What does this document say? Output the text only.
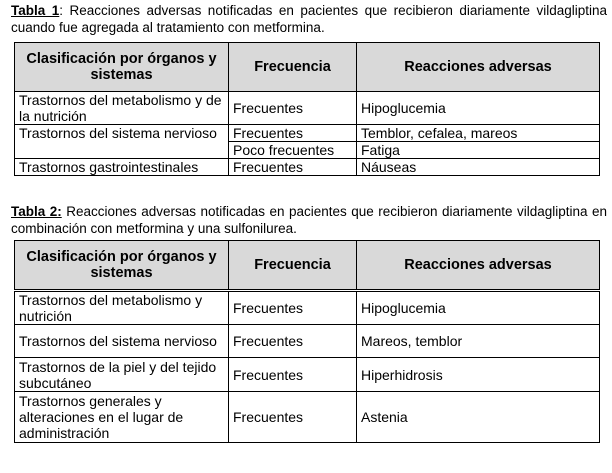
Tabla 1: Reacciones adversas notificadas en pacientes que recibieron diariamente vildagliptina cuando fue agregada al tratamiento con metformina.
Clasificación por órganos y sistemas	Frecuencia	Reacciones adversas
Trastornos del metabolismo y de la nutrición	Frecuentes	Hipoglucemia
Trastornos del sistema nervioso	Frecuentes	Temblor, cefalea, mareos
	Poco frecuentes	Fatiga
Trastornos gastrointestinales	Frecuentes	Náuseas
Tabla 2: Reacciones adversas notificadas en pacientes que recibieron diariamente vildagliptina en combinación con metformina y una sulfonilurea.
Clasificación por órganos y sistemas	Frecuencia	Reacciones adversas
Trastornos del metabolismo y nutrición	Frecuentes	Hipoglucemia
Trastornos del sistema nervioso	Frecuentes	Mareos, temblor
Trastornos de la piel y del tejido subcutáneo	Frecuentes	Hiperhidrosis
Trastornos generales y alteraciones en el lugar de administración	Frecuentes	Astenia
